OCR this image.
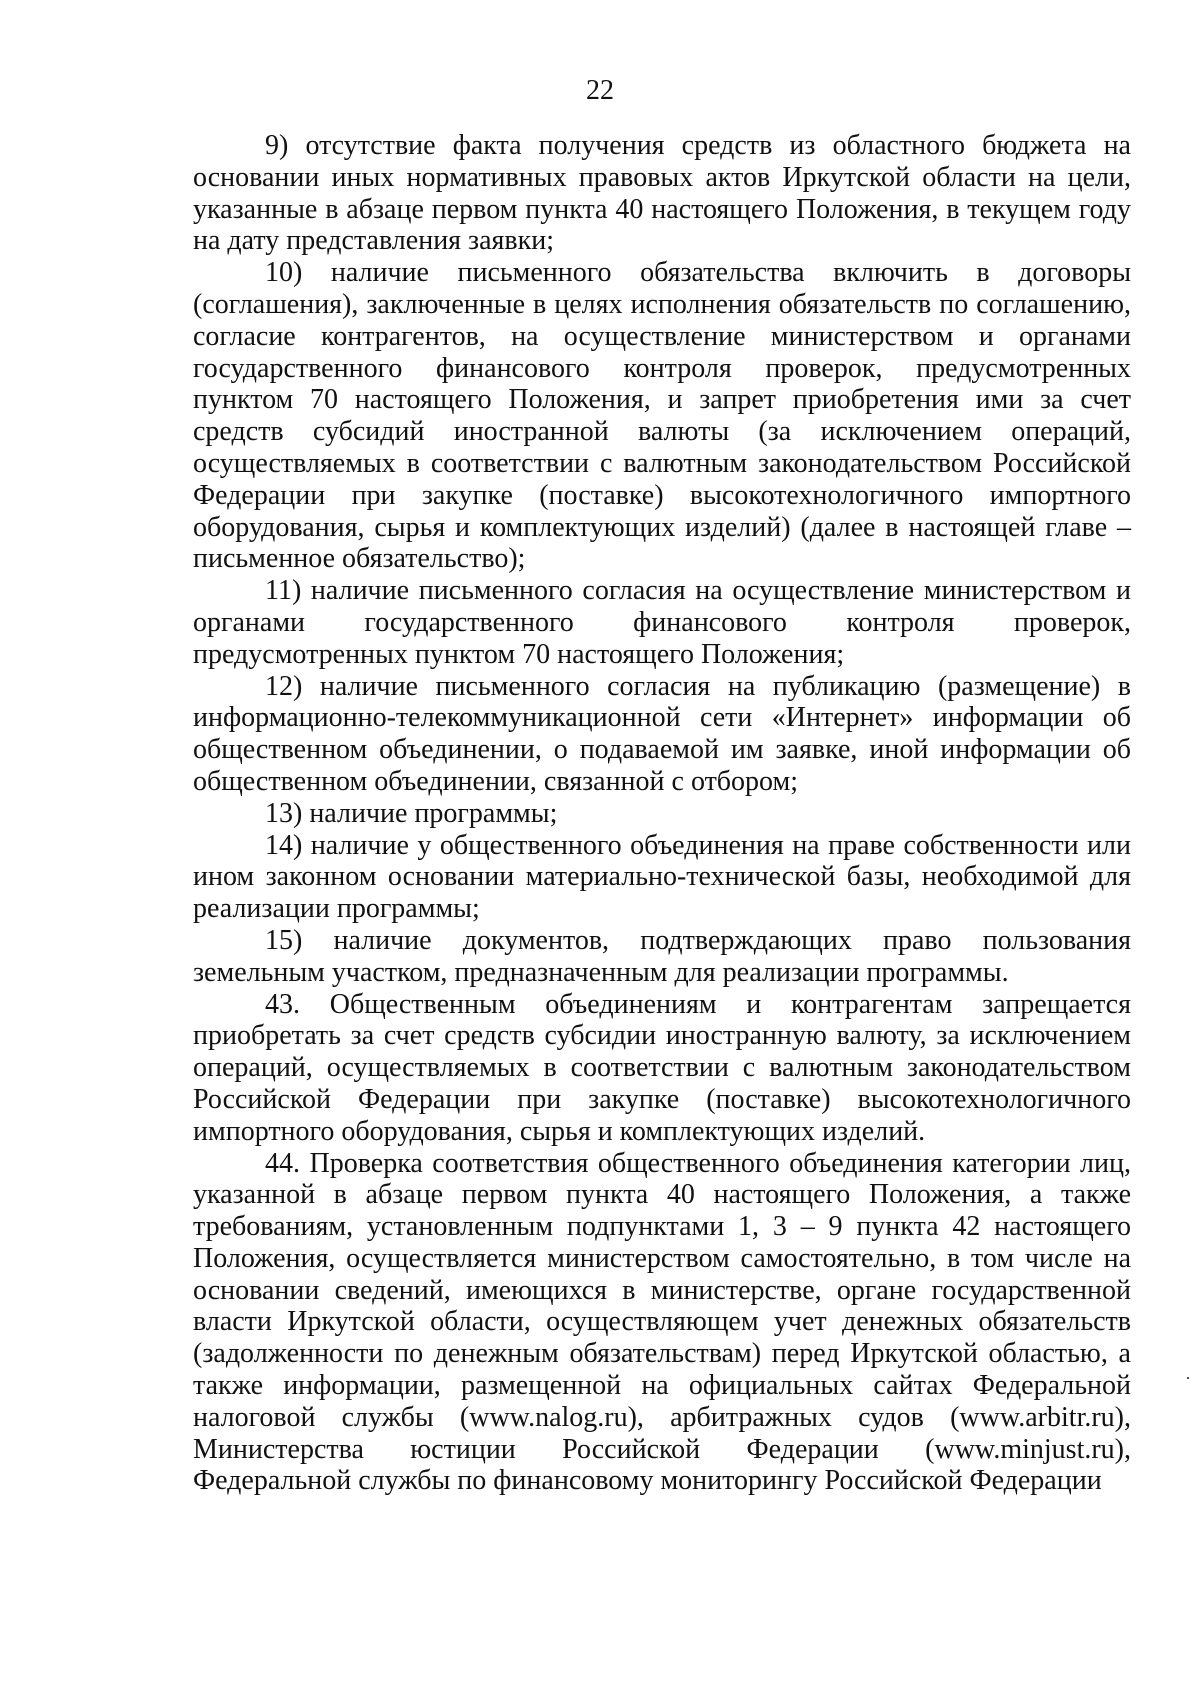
22

9) отсутствие факта получения средств из областного бюджета на основании иных нормативных правовых актов Иркутской области на цели, указанные в абзаце первом пункта 40 настоящего Положения, в текущем году на дату представления заявки;

10) наличие письменного обязательства включить в договоры (соглашения), заключенные в целях исполнения обязательств по соглашению, согласие контрагентов, на осуществление министерством и органами государственного финансового контроля проверок, предусмотренных пунктом 70 настоящего Положения, и запрет приобретения ими за счет средств субсидий иностранной валюты (за исключением операций, осуществляемых в соответствии с валютным законодательством Российской Федерации при закупке (поставке) высокотехнологичного импортного оборудования, сырья и комплектующих изделий) (далее в настоящей главе – письменное обязательство);

11) наличие письменного согласия на осуществление министерством и органами государственного финансового контроля проверок, предусмотренных пунктом 70 настоящего Положения;

12) наличие письменного согласия на публикацию (размещение) в информационно-телекоммуникационной сети «Интернет» информации об общественном объединении, о подаваемой им заявке, иной информации об общественном объединении, связанной с отбором;

13) наличие программы;

14) наличие у общественного объединения на праве собственности или ином законном основании материально-технической базы, необходимой для реализации программы;

15) наличие документов, подтверждающих право пользования земельным участком, предназначенным для реализации программы.

43. Общественным объединениям и контрагентам запрещается приобретать за счет средств субсидии иностранную валюту, за исключением операций, осуществляемых в соответствии с валютным законодательством Российской Федерации при закупке (поставке) высокотехнологичного импортного оборудования, сырья и комплектующих изделий.

44. Проверка соответствия общественного объединения категории лиц, указанной в абзаце первом пункта 40 настоящего Положения, а также требованиям, установленным подпунктами 1, 3 – 9 пункта 42 настоящего Положения, осуществляется министерством самостоятельно, в том числе на основании сведений, имеющихся в министерстве, органе государственной власти Иркутской области, осуществляющем учет денежных обязательств (задолженности по денежным обязательствам) перед Иркутской областью, а также информации, размещенной на официальных сайтах Федеральной налоговой службы (www.nalog.ru), арбитражных судов (www.arbitr.ru), Министерства юстиции Российской Федерации (www.minjust.ru), Федеральной службы по финансовому мониторингу Российской Федерации
